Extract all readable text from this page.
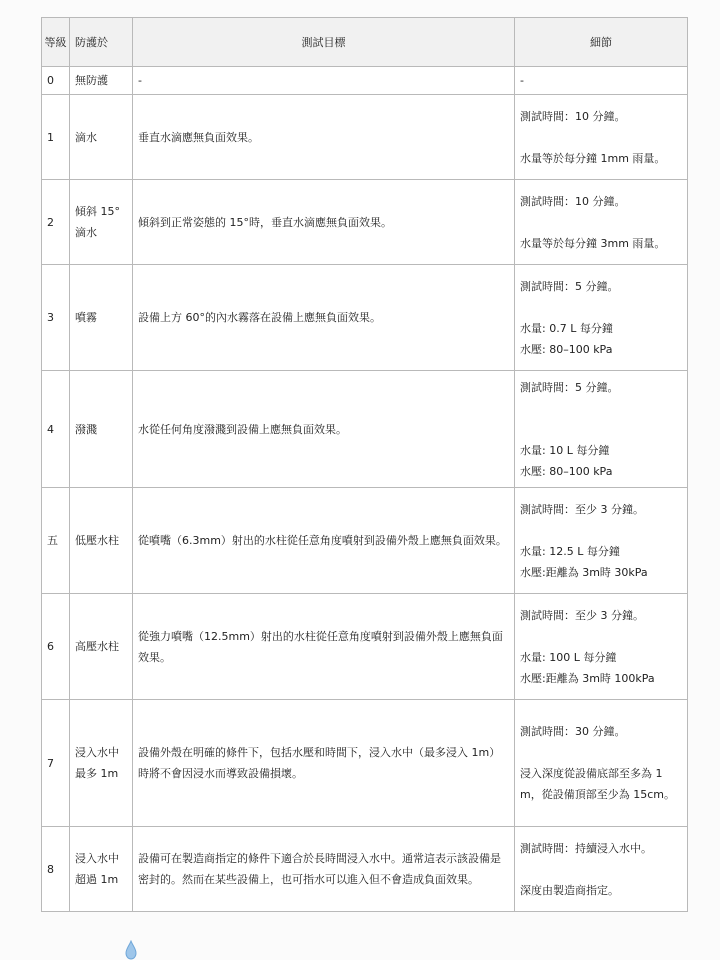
等級	防護於	測試目標	細節
0	無防護	-	-

1	滴水	垂直水滴應無負面效果。	測試時間：10 分鐘。
水量等於每分鐘 1mm 雨量。

2	傾斜 15° 滴水	傾斜到正常姿態的 15°時，垂直水滴應無負面效果。	測試時間：10 分鐘。
水量等於每分鐘 3mm 雨量。

3	噴霧	設備上方 60°的內水霧落在設備上應無負面效果。	測試時間：5 分鐘。
水量: 0.7 L 每分鐘
水壓: 80–100 kPa

4	潑濺	水從任何角度潑濺到設備上應無負面效果。	測試時間：5 分鐘。
水量: 10 L 每分鐘
水壓: 80–100 kPa

五	低壓水柱	從噴嘴（6.3mm）射出的水柱從任意角度噴射到設備外殼上應無負面效果。	測試時間：至少 3 分鐘。
水量: 12.5 L 每分鐘
水壓:距離為 3m時 30kPa

6	高壓水柱	從強力噴嘴（12.5mm）射出的水柱從任意角度噴射到設備外殼上應無負面效果。	測試時間：至少 3 分鐘。
水量: 100 L 每分鐘
水壓:距離為 3m時 100kPa

7	浸入水中最多 1m	設備外殼在明確的條件下，包括水壓和時間下，浸入水中（最多浸入 1m）時將不會因浸水而導致設備損壞。	測試時間：30 分鐘。
浸入深度從設備底部至多為 1m，從設備頂部至少為 15cm。

8	浸入水中超過 1m	設備可在製造商指定的條件下適合於長時間浸入水中。通常這表示該設備是密封的。然而在某些設備上，也可指水可以進入但不會造成負面效果。	測試時間：持續浸入水中。
深度由製造商指定。
